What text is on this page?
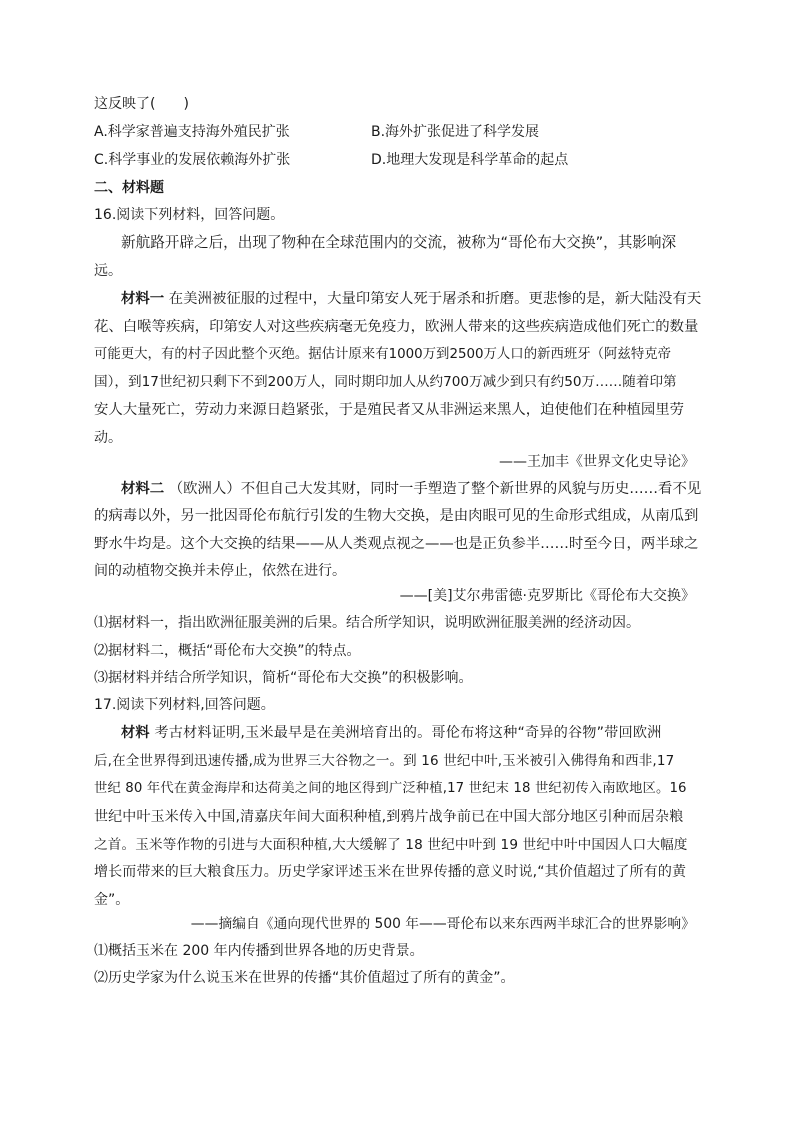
这反映了(　　)
A.科学家普遍支持海外殖民扩张	B.海外扩张促进了科学发展
C.科学事业的发展依赖海外扩张	D.地理大发现是科学革命的起点
二、材料题
16.阅读下列材料，回答问题。
新航路开辟之后，出现了物种在全球范围内的交流，被称为“哥伦布大交换”，其影响深
远。
材料一 在美洲被征服的过程中，大量印第安人死于屠杀和折磨。更悲惨的是，新大陆没有天
花、白喉等疾病，印第安人对这些疾病毫无免疫力，欧洲人带来的这些疾病造成他们死亡的数量
可能更大，有的村子因此整个灭绝。据估计原来有1000万到2500万人口的新西班牙（阿兹特克帝
国），到17世纪初只剩下不到200万人，同时期印加人从约700万减少到只有约50万……随着印第
安人大量死亡，劳动力来源日趋紧张，于是殖民者又从非洲运来黑人，迫使他们在种植园里劳
动。
——王加丰《世界文化史导论》
材料二 （欧洲人）不但自己大发其财，同时一手塑造了整个新世界的风貌与历史……看不见
的病毒以外，另一批因哥伦布航行引发的生物大交换，是由肉眼可见的生命形式组成，从南瓜到
野水牛均是。这个大交换的结果——从人类观点视之——也是正负参半……时至今日，两半球之
间的动植物交换并未停止，依然在进行。
——[美]艾尔弗雷德·克罗斯比《哥伦布大交换》
⑴据材料一，指出欧洲征服美洲的后果。结合所学知识，说明欧洲征服美洲的经济动因。
⑵据材料二，概括“哥伦布大交换”的特点。
⑶据材料并结合所学知识，简析“哥伦布大交换”的积极影响。
17.阅读下列材料,回答问题。
材料 考古材料证明,玉米最早是在美洲培育出的。哥伦布将这种“奇异的谷物”带回欧洲
后,在全世界得到迅速传播,成为世界三大谷物之一。到 16 世纪中叶,玉米被引入佛得角和西非,17
世纪 80 年代在黄金海岸和达荷美之间的地区得到广泛种植,17 世纪末 18 世纪初传入南欧地区。16
世纪中叶玉米传入中国,清嘉庆年间大面积种植,到鸦片战争前已在中国大部分地区引种而居杂粮
之首。玉米等作物的引进与大面积种植,大大缓解了 18 世纪中叶到 19 世纪中叶中国因人口大幅度
增长而带来的巨大粮食压力。历史学家评述玉米在世界传播的意义时说,“其价值超过了所有的黄
金”。
——摘编自《通向现代世界的 500 年——哥伦布以来东西两半球汇合的世界影响》
⑴概括玉米在 200 年内传播到世界各地的历史背景。
⑵历史学家为什么说玉米在世界的传播“其价值超过了所有的黄金”。
